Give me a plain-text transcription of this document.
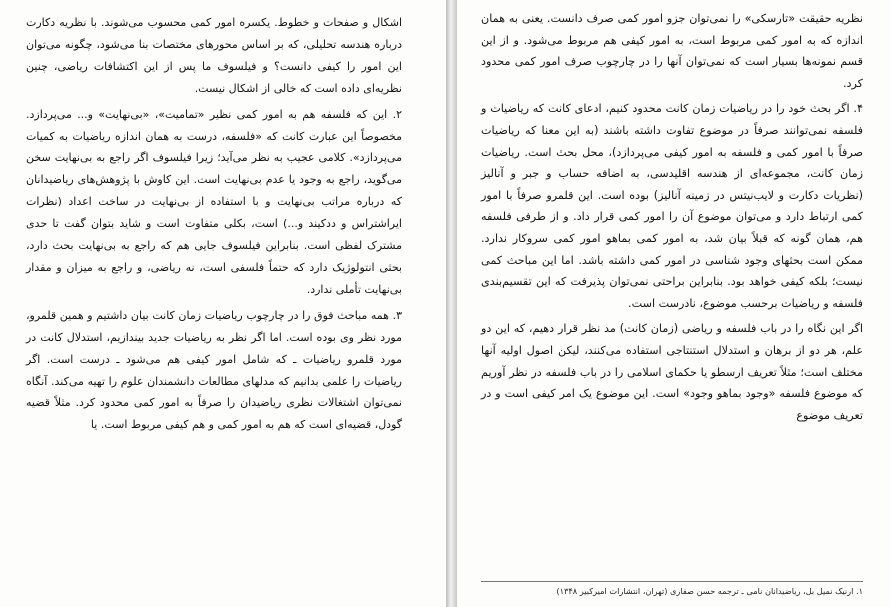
اشکال و صفحات و خطوط. یکسره امور کمی محسوب می‌شوند. با نظریه دکارت درباره هندسه تحلیلی، که بر اساس محورهای مختصات بنا می‌شود، چگونه می‌توان این امور را کیفی دانست؟ و فیلسوف ما پس از این اکتشافات ریاضی، چنین نظریه‌ای داده است که خالی از اشکال نیست.

۲. این که فلسفه هم به امور کمی نظیر «تمامیت»، «بی‌نهایت» و... می‌پردازد. مخصوصاً این عبارت کانت که «فلسفه، درست به همان اندازه ریاضیات به کمیات می‌پردازد». کلامی عجیب به نظر می‌آید؛ زیرا فیلسوف اگر راجع به بی‌نهایت سخن می‌گوید، راجع به وجود یا عدم بی‌نهایت است. این کاوش با پژوهش‌های ریاضیدانان که درباره مراتب بی‌نهایت و با استفاده از بی‌نهایت در ساخت اعداد (نظرات ایراشتراس و ددکیند و...) است، بکلی متفاوت است و شاید بتوان گفت تا حدی مشترک لفظی است. بنابراین فیلسوف جایی هم که راجع به بی‌نهایت بحث دارد، بحثی انتولوژیک دارد که حتماً فلسفی است، نه ریاضی، و راجع به میزان و مقدار بی‌نهایت تأملی ندارد.

۳. همه مباحث فوق را در چارچوب ریاضیات زمان کانت بیان داشتیم و همین قلمرو، مورد نظر وی بوده است. اما اگر نظر به ریاضیات جدید بیندازیم، استدلال کانت در مورد قلمرو ریاضیات ـ که شامل امور کیفی هم می‌شود ـ درست است. اگر ریاضیات را علمی بدانیم که مدلهای مطالعات دانشمندان علوم را تهیه می‌کند. آنگاه نمی‌توان اشتغالات نظری ریاضیدان را صرفاً به امور کمی محدود کرد. مثلاً قضیه گودل، قضیه‌ای است که هم به امور کمی و هم کیفی مربوط است. یا

نظریه حقیقت «تارسکی» را نمی‌توان جزو امور کمی صرف دانست. یعنی به همان اندازه که به امور کمی مربوط است، به امور کیفی هم مربوط می‌شود. و از این قسم نمونه‌ها بسیار است که نمی‌توان آنها را در چارچوب صرف امور کمی محدود کرد.

۴. اگر بحث خود را در ریاضیات زمان کانت محدود کنیم، ادعای کانت که ریاضیات و فلسفه نمی‌توانند صرفاً در موضوع تفاوت داشته باشند (به این معنا که ریاضیات صرفاً با امور کمی و فلسفه به امور کیفی می‌پردازد)، محل بحث است. ریاضیات زمان کانت، مجموعه‌ای از هندسه اقلیدسی، به اضافه حساب و جبر و آنالیز (نظریات دکارت و لایب‌نیتس در زمینه آنالیز) بوده است. این قلمرو صرفاً با امور کمی ارتباط دارد و می‌توان موضوع آن را امور کمی قرار داد. و از طرفی فلسفه هم، همان گونه که قبلاً بیان شد، به امور کمی بماهو امور کمی سروکار ندارد. ممکن است بحثهای وجود شناسی در امور کمی داشته باشد. اما این مباحث کمی نیست؛ بلکه کیفی خواهد بود. بنابراین براحتی نمی‌توان پذیرفت که این تقسیم‌بندی فلسفه و ریاضیات برحسب موضوع، نادرست است.

اگر این نگاه را در باب فلسفه و ریاضی (زمان کانت) مد نظر قرار دهیم، که این دو علم، هر دو از برهان و استدلال استنتاجی استفاده می‌کنند، لیکن اصول اولیه آنها مختلف است؛ مثلاً تعریف ارسطو یا حکمای اسلامی را در باب فلسفه در نظر آوریم که موضوع فلسفه «وجود بماهو وجود» است. این موضوع یک امر کیفی است و در تعریف موضوع

۱. ارنیک نمیل بل، ریاضیدانان نامی ـ ترجمه حسن صفاری (تهران، انتشارات امیرکبیر ۱۳۴۸)
